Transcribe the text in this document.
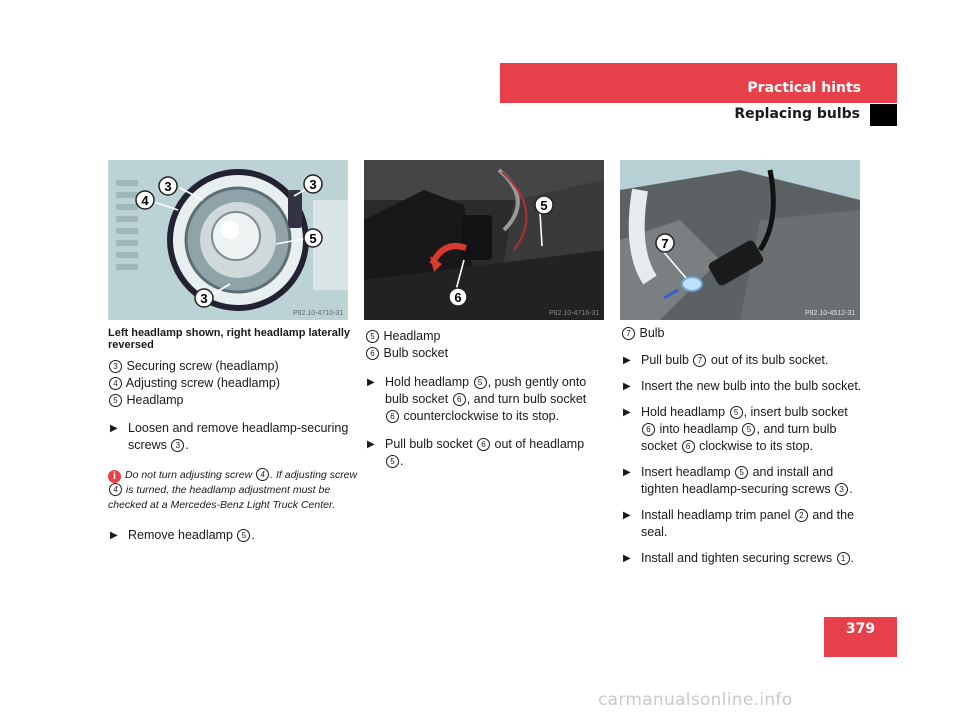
Practical hints
Replacing bulbs
3
4
3
5
3
P82.10-4710-31
5
6
P82.10-4716-31
7
P82.10-4512-31
Left headlamp shown, right headlamp laterally reversed
3 Securing screw (headlamp)
4 Adjusting screw (headlamp)
5 Headlamp
▶ Loosen and remove headlamp-securing screws 3 .
i Do not turn adjusting screw 4 . If adjusting screw 4 is turned, the headlamp adjustment must be checked at a Mercedes-Benz Light Truck Center.
▶ Remove headlamp 5 .
5 Headlamp
6 Bulb socket
▶ Hold headlamp 5 , push gently onto bulb socket 6 , and turn bulb socket 6 counterclockwise to its stop.
▶ Pull bulb socket 6 out of headlamp 5 .
7 Bulb
▶ Pull bulb 7 out of its bulb socket.
▶ Insert the new bulb into the bulb socket.
▶ Hold headlamp 5 , insert bulb socket 6 into headlamp 5 , and turn bulb socket 6 clockwise to its stop.
▶ Insert headlamp 5 and install and tighten headlamp-securing screws 3 .
▶ Install headlamp trim panel 2 and the seal.
▶ Install and tighten securing screws 1 .
379
carmanualsonline.info
